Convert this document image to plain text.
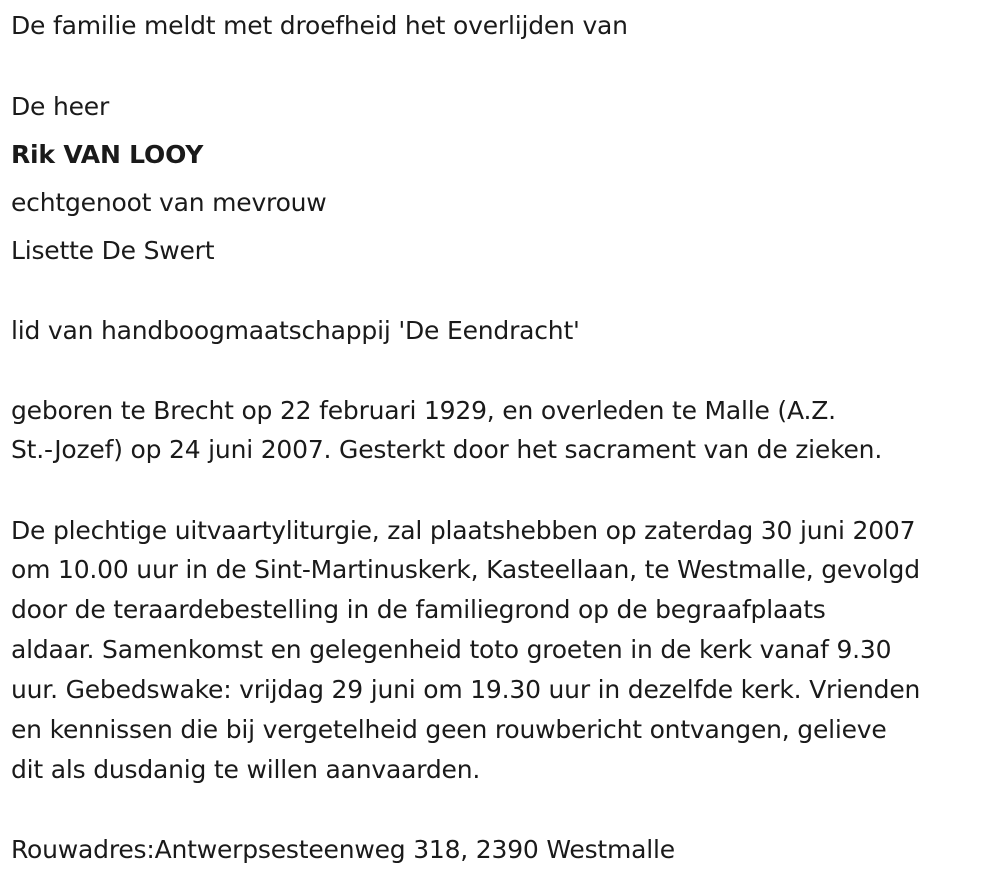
De familie meldt met droefheid het overlijden van

De heer

Rik VAN LOOY

echtgenoot van mevrouw

Lisette De Swert

lid van handboogmaatschappij 'De Eendracht'

geboren te Brecht op 22 februari 1929, en overleden te Malle (A.Z.

St.-Jozef) op 24 juni 2007. Gesterkt door het sacrament van de zieken.

De plechtige uitvaartyliturgie, zal plaatshebben op zaterdag 30 juni 2007

om 10.00 uur in de Sint-Martinuskerk, Kasteellaan, te Westmalle, gevolgd

door de teraardebestelling in de familiegrond op de begraafplaats

aldaar. Samenkomst en gelegenheid toto groeten in de kerk vanaf 9.30

uur. Gebedswake: vrijdag 29 juni om 19.30 uur in dezelfde kerk. Vrienden

en kennissen die bij vergetelheid geen rouwbericht ontvangen, gelieve

dit als dusdanig te willen aanvaarden.

Rouwadres:Antwerpsesteenweg 318, 2390 Westmalle
